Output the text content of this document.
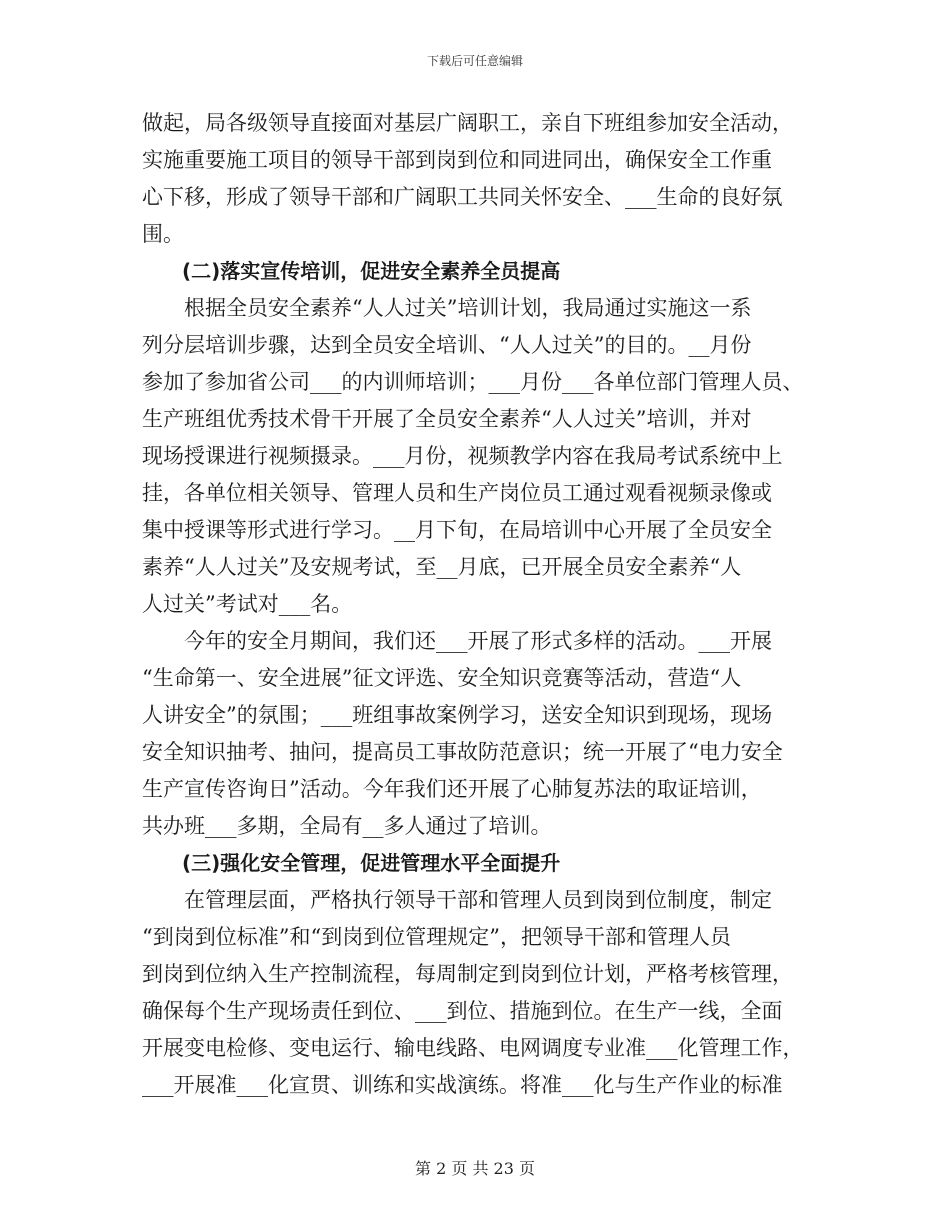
下载后可任意编辑
做起，局各级领导直接面对基层广阔职工，亲自下班组参加安全活动，
实施重要施工项目的领导干部到岗到位和同进同出，确保安全工作重
心下移，形成了领导干部和广阔职工共同关怀安全、___生命的良好氛
围。
　　(二)落实宣传培训，促进安全素养全员提高
　　根据全员安全素养“人人过关”培训计划，我局通过实施这一系
列分层培训步骤，达到全员安全培训、“人人过关”的目的。__月份
参加了参加省公司___的内训师培训；___月份___各单位部门管理人员、
生产班组优秀技术骨干开展了全员安全素养“人人过关”培训，并对
现场授课进行视频摄录。___月份，视频教学内容在我局考试系统中上
挂，各单位相关领导、管理人员和生产岗位员工通过观看视频录像或
集中授课等形式进行学习。__月下旬，在局培训中心开展了全员安全
素养“人人过关”及安规考试，至__月底，已开展全员安全素养“人
人过关”考试对___名。
　　今年的安全月期间，我们还___开展了形式多样的活动。___开展
“生命第一、安全进展”征文评选、安全知识竞赛等活动，营造“人
人讲安全”的氛围；___班组事故案例学习，送安全知识到现场，现场
安全知识抽考、抽问，提高员工事故防范意识；统一开展了“电力安全
生产宣传咨询日”活动。今年我们还开展了心肺复苏法的取证培训，
共办班___多期，全局有__多人通过了培训。
　　(三)强化安全管理，促进管理水平全面提升
　　在管理层面，严格执行领导干部和管理人员到岗到位制度，制定
“到岗到位标准”和“到岗到位管理规定”，把领导干部和管理人员
到岗到位纳入生产控制流程，每周制定到岗到位计划，严格考核管理，
确保每个生产现场责任到位、___到位、措施到位。在生产一线，全面
开展变电检修、变电运行、输电线路、电网调度专业准___化管理工作，
___开展准___化宣贯、训练和实战演练。将准___化与生产作业的标准
第 2 页 共 23 页
